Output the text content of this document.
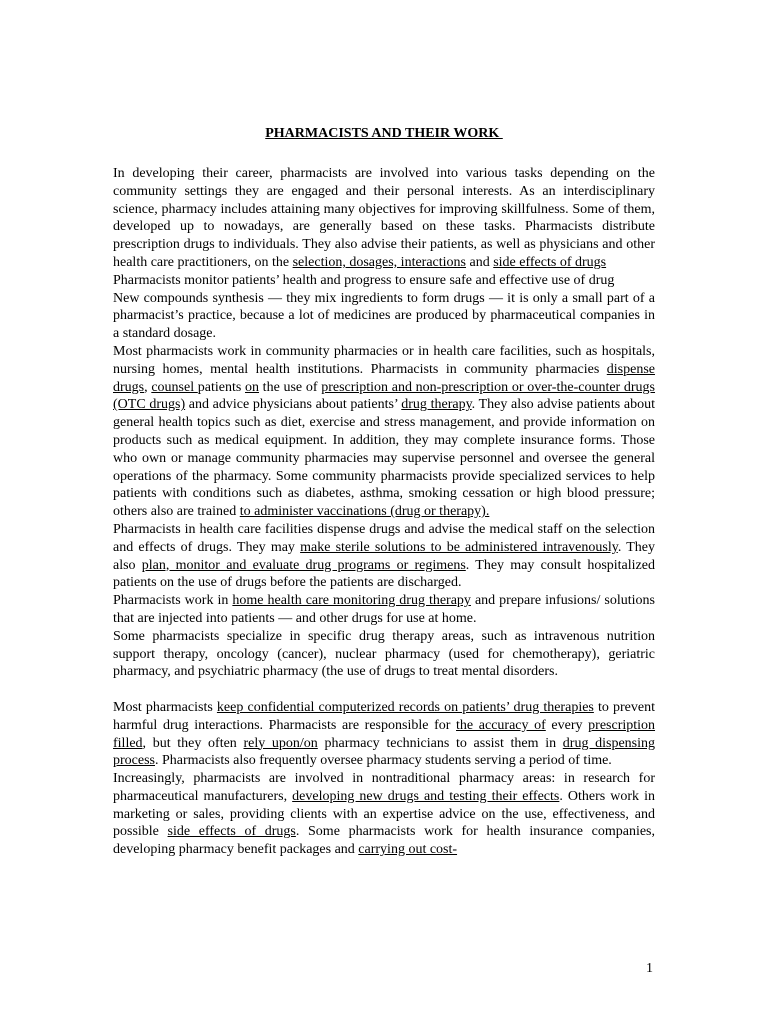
PHARMACISTS AND THEIR WORK

In developing their career, pharmacists are involved into various tasks depending on the community settings they are engaged and their personal interests. As an interdisciplinary science, pharmacy includes attaining many objectives for improving skillfulness. Some of them, developed up to nowadays, are generally based on these tasks. Pharmacists distribute prescription drugs to individuals. They also advise their patients, as well as physicians and other health care practitioners, on the selection, dosages, interactions and side effects of drugs

Pharmacists monitor patients’ health and progress to ensure safe and effective use of drug

New compounds synthesis — they mix ingredients to form drugs — it is only a small part of a pharmacist’s practice, because a lot of medicines are produced by pharmaceutical companies in a standard dosage.

Most pharmacists work in community pharmacies or in health care facilities, such as hospitals, nursing homes, mental health institutions. Pharmacists in community pharmacies dispense drugs, counsel patients on the use of prescription and non-prescription or over-the-counter drugs (OTC drugs) and advice physicians about patients’ drug therapy. They also advise patients about general health topics such as diet, exercise and stress management, and provide information on products such as medical equipment. In addition, they may complete insurance forms. Those who own or manage community pharmacies may supervise personnel and oversee the general operations of the pharmacy. Some community pharmacists provide specialized services to help patients with conditions such as diabetes, asthma, smoking cessation or high blood pressure; others also are trained to administer vaccinations (drug or therapy).

Pharmacists in health care facilities dispense drugs and advise the medical staff on the selection and effects of drugs. They may make sterile solutions to be administered intravenously. They also plan, monitor and evaluate drug programs or regimens. They may consult hospitalized patients on the use of drugs before the patients are discharged.

Pharmacists work in home health care monitoring drug therapy and prepare infusions/ solutions that are injected into patients — and other drugs for use at home.

Some pharmacists specialize in specific drug therapy areas, such as intravenous nutrition support therapy, oncology (cancer), nuclear pharmacy (used for chemotherapy), geriatric pharmacy, and psychiatric pharmacy (the use of drugs to treat mental disorders.

Most pharmacists keep confidential computerized records on patients’ drug therapies to prevent harmful drug interactions. Pharmacists are responsible for the accuracy of every prescription filled, but they often rely upon/on pharmacy technicians to assist them in drug dispensing process. Pharmacists also frequently oversee pharmacy students serving a period of time.

Increasingly, pharmacists are involved in nontraditional pharmacy areas: in research for pharmaceutical manufacturers, developing new drugs and testing their effects. Others work in marketing or sales, providing clients with an expertise advice on the use, effectiveness, and possible side effects of drugs. Some pharmacists work for health insurance companies, developing pharmacy benefit packages and carrying out cost-

1
